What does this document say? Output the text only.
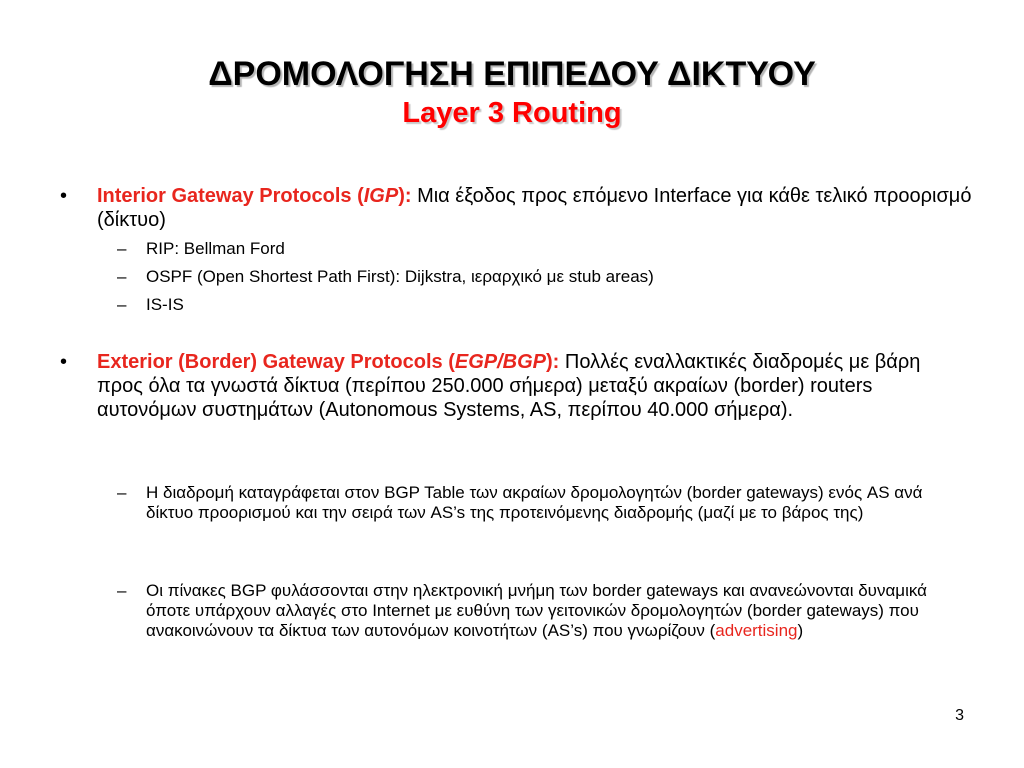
ΔΡΟΜΟΛΟΓΗΣΗ ΕΠΙΠΕΔΟΥ ΔΙΚΤΥΟΥ
Layer 3 Routing
• Interior Gateway Protocols (IGP): Μια έξοδος προς επόμενο Interface για κάθε τελικό προορισμό (δίκτυο)
– RIP: Bellman Ford
– OSPF (Open Shortest Path First): Dijkstra, ιεραρχικό με stub areas)
– IS-IS
• Exterior (Border) Gateway Protocols (EGP/BGP): Πολλές εναλλακτικές διαδρομές με βάρη προς όλα τα γνωστά δίκτυα (περίπου 250.000 σήμερα) μεταξύ ακραίων (border) routers αυτονόμων συστημάτων (Autonomous Systems, AS, περίπου 40.000 σήμερα).
– Η διαδρομή καταγράφεται στον BGP Table των ακραίων δρομολογητών (border gateways) ενός AS ανά δίκτυο προορισμού και την σειρά των AS’s της προτεινόμενης διαδρομής (μαζί με το βάρος της)
– Οι πίνακες BGP φυλάσσονται στην ηλεκτρονική μνήμη των border gateways και ανανεώνονται δυναμικά όποτε υπάρχουν αλλαγές στο Internet με ευθύνη των γειτονικών δρομολογητών (border gateways) που ανακοινώνουν τα δίκτυα των αυτονόμων κοινοτήτων (AS’s) που γνωρίζουν (advertising)
3
